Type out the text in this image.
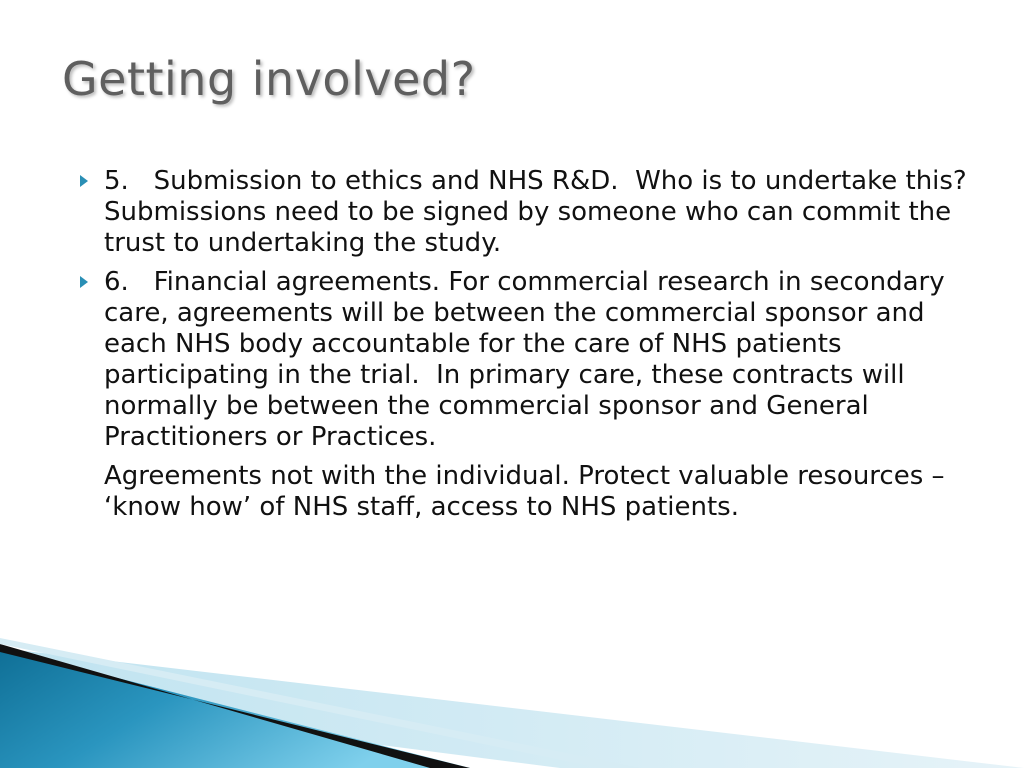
Getting involved?
5.   Submission to ethics and NHS R&D.  Who is to undertake this?  Submissions need to be signed by someone who can commit the trust to undertaking the study.
6.   Financial agreements. For commercial research in secondary care, agreements will be between the commercial sponsor and each NHS body accountable for the care of NHS patients participating in the trial.  In primary care, these contracts will normally be between the commercial sponsor and General Practitioners or Practices.
Agreements not with the individual. Protect valuable resources – ‘know how’ of NHS staff, access to NHS patients.
